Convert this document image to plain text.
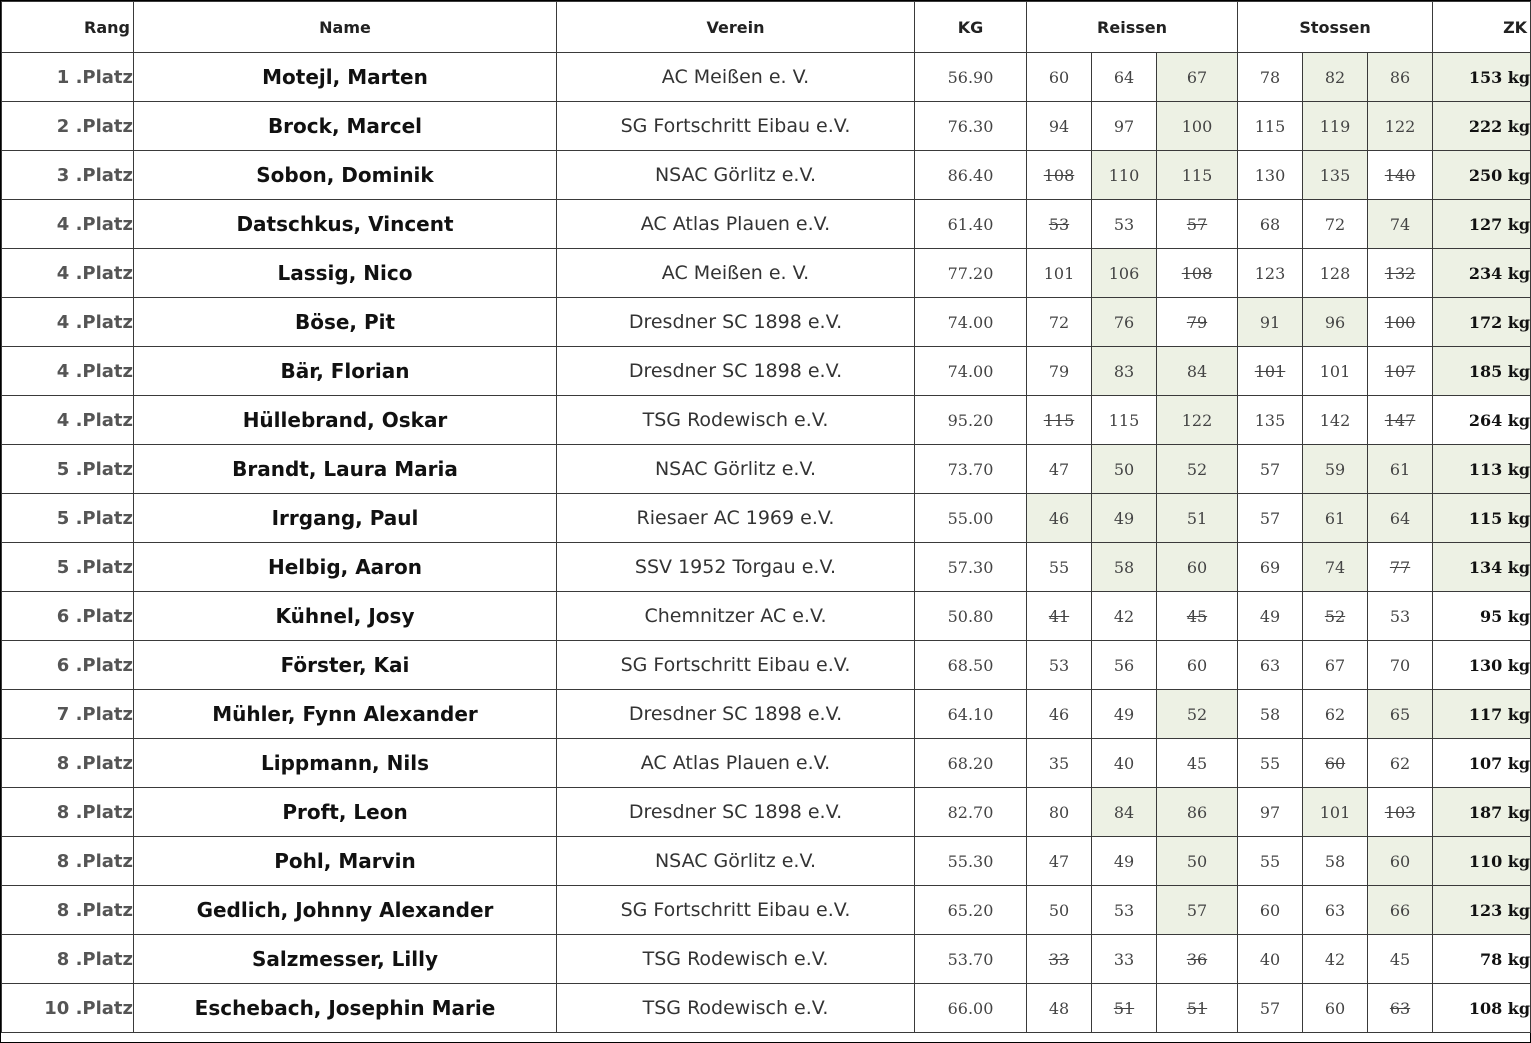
Rang	Name	Verein	KG	Reissen			Stossen			ZK
1 .Platz	Motejl, Marten	AC Meißen e. V.	56.90	60	64	67	78	82	86	153 kg
2 .Platz	Brock, Marcel	SG Fortschritt Eibau e.V.	76.30	94	97	100	115	119	122	222 kg
3 .Platz	Sobon, Dominik	NSAC Görlitz e.V.	86.40	108	110	115	130	135	140	250 kg
4 .Platz	Datschkus, Vincent	AC Atlas Plauen e.V.	61.40	53	53	57	68	72	74	127 kg
4 .Platz	Lassig, Nico	AC Meißen e. V.	77.20	101	106	108	123	128	132	234 kg
4 .Platz	Böse, Pit	Dresdner SC 1898 e.V.	74.00	72	76	79	91	96	100	172 kg
4 .Platz	Bär, Florian	Dresdner SC 1898 e.V.	74.00	79	83	84	101	101	107	185 kg
4 .Platz	Hüllebrand, Oskar	TSG Rodewisch e.V.	95.20	115	115	122	135	142	147	264 kg
5 .Platz	Brandt, Laura Maria	NSAC Görlitz e.V.	73.70	47	50	52	57	59	61	113 kg
5 .Platz	Irrgang, Paul	Riesaer AC 1969 e.V.	55.00	46	49	51	57	61	64	115 kg
5 .Platz	Helbig, Aaron	SSV 1952 Torgau e.V.	57.30	55	58	60	69	74	77	134 kg
6 .Platz	Kühnel, Josy	Chemnitzer AC e.V.	50.80	41	42	45	49	52	53	95 kg
6 .Platz	Förster, Kai	SG Fortschritt Eibau e.V.	68.50	53	56	60	63	67	70	130 kg
7 .Platz	Mühler, Fynn Alexander	Dresdner SC 1898 e.V.	64.10	46	49	52	58	62	65	117 kg
8 .Platz	Lippmann, Nils	AC Atlas Plauen e.V.	68.20	35	40	45	55	60	62	107 kg
8 .Platz	Proft, Leon	Dresdner SC 1898 e.V.	82.70	80	84	86	97	101	103	187 kg
8 .Platz	Pohl, Marvin	NSAC Görlitz e.V.	55.30	47	49	50	55	58	60	110 kg
8 .Platz	Gedlich, Johnny Alexander	SG Fortschritt Eibau e.V.	65.20	50	53	57	60	63	66	123 kg
8 .Platz	Salzmesser, Lilly	TSG Rodewisch e.V.	53.70	33	33	36	40	42	45	78 kg
10 .Platz	Eschebach, Josephin Marie	TSG Rodewisch e.V.	66.00	48	51	51	57	60	63	108 kg
